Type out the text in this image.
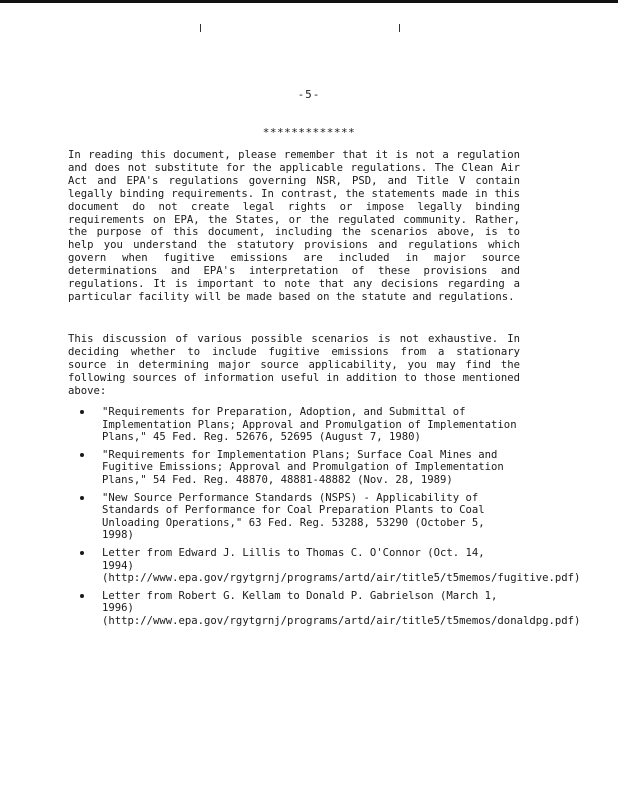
-5-
*************

In reading this document, please remember that it is not a regulation and does not substitute for the applicable regulations. The Clean Air Act and EPA's regulations governing NSR, PSD, and Title V contain legally binding requirements. In contrast, the statements made in this document do not create legal rights or impose legally binding requirements on EPA, the States, or the regulated community. Rather, the purpose of this document, including the scenarios above, is to help you understand the statutory provisions and regulations which govern when fugitive emissions are included in major source determinations and EPA's interpretation of these provisions and regulations. It is important to note that any decisions regarding a particular facility will be made based on the statute and regulations.

This discussion of various possible scenarios is not exhaustive. In deciding whether to include fugitive emissions from a stationary source in determining major source applicability, you may find the following sources of information useful in addition to those mentioned above:

"Requirements for Preparation, Adoption, and Submittal of Implementation Plans; Approval and Promulgation of Implementation Plans," 45 Fed. Reg. 52676, 52695 (August 7, 1980)
"Requirements for Implementation Plans; Surface Coal Mines and Fugitive Emissions; Approval and Promulgation of Implementation Plans," 54 Fed. Reg. 48870, 48881-48882 (Nov. 28, 1989)
"New Source Performance Standards (NSPS) - Applicability of Standards of Performance for Coal Preparation Plants to Coal Unloading Operations," 63 Fed. Reg. 53288, 53290 (October 5, 1998)
Letter from Edward J. Lillis to Thomas C. O'Connor (Oct. 14, 1994)(http://www.epa.gov/rgytgrnj/programs/artd/air/title5/t5memos/fugitive.pdf)
Letter from Robert G. Kellam to Donald P. Gabrielson (March 1, 1996) (http://www.epa.gov/rgytgrnj/programs/artd/air/title5/t5memos/donaldpg.pdf)
